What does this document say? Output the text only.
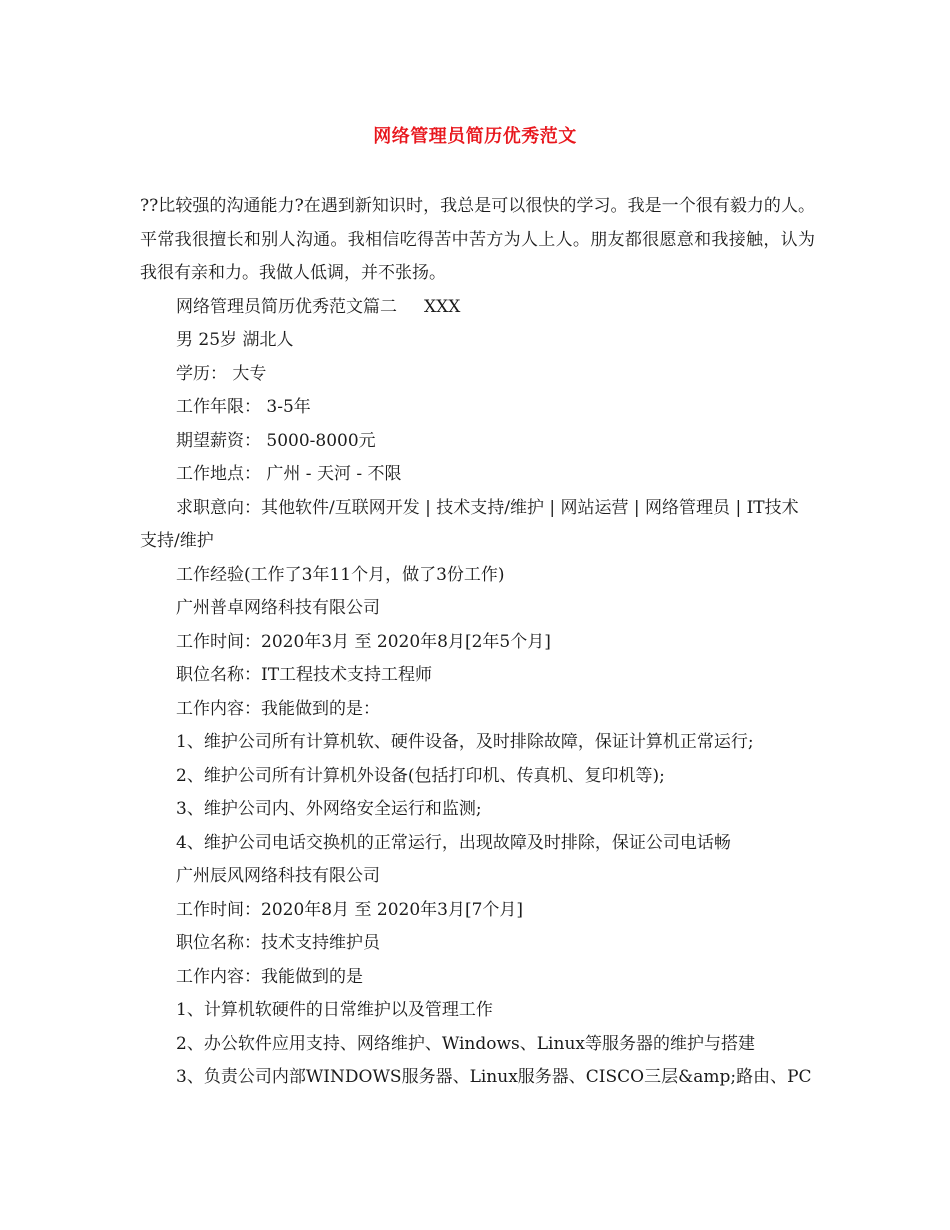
网络管理员简历优秀范文

??比较强的沟通能力?在遇到新知识时，我总是可以很快的学习。我是一个很有毅力的人。平常我很擅长和别人沟通。我相信吃得苦中苦方为人上人。朋友都很愿意和我接触，认为我很有亲和力。我做人低调，并不张扬。

网络管理员简历优秀范文篇二     XXX

男 25岁 湖北人

学历： 大专

工作年限： 3-5年

期望薪资： 5000-8000元

工作地点： 广州 - 天河 - 不限

求职意向：其他软件/互联网开发 | 技术支持/维护 | 网站运营 | 网络管理员 | IT技术支持/维护

工作经验(工作了3年11个月，做了3份工作)

广州普卓网络科技有限公司

工作时间：2020年3月 至 2020年8月[2年5个月]

职位名称：IT工程技术支持工程师

工作内容：我能做到的是：

1、维护公司所有计算机软、硬件设备，及时排除故障，保证计算机正常运行;

2、维护公司所有计算机外设备(包括打印机、传真机、复印机等);

3、维护公司内、外网络安全运行和监测;

4、维护公司电话交换机的正常运行，出现故障及时排除，保证公司电话畅

广州辰风网络科技有限公司

工作时间：2020年8月 至 2020年3月[7个月]

职位名称：技术支持维护员

工作内容：我能做到的是

1、计算机软硬件的日常维护以及管理工作

2、办公软件应用支持、网络维护、Windows、Linux等服务器的维护与搭建

3、负责公司内部WINDOWS服务器、Linux服务器、CISCO三层&amp;路由、PC
